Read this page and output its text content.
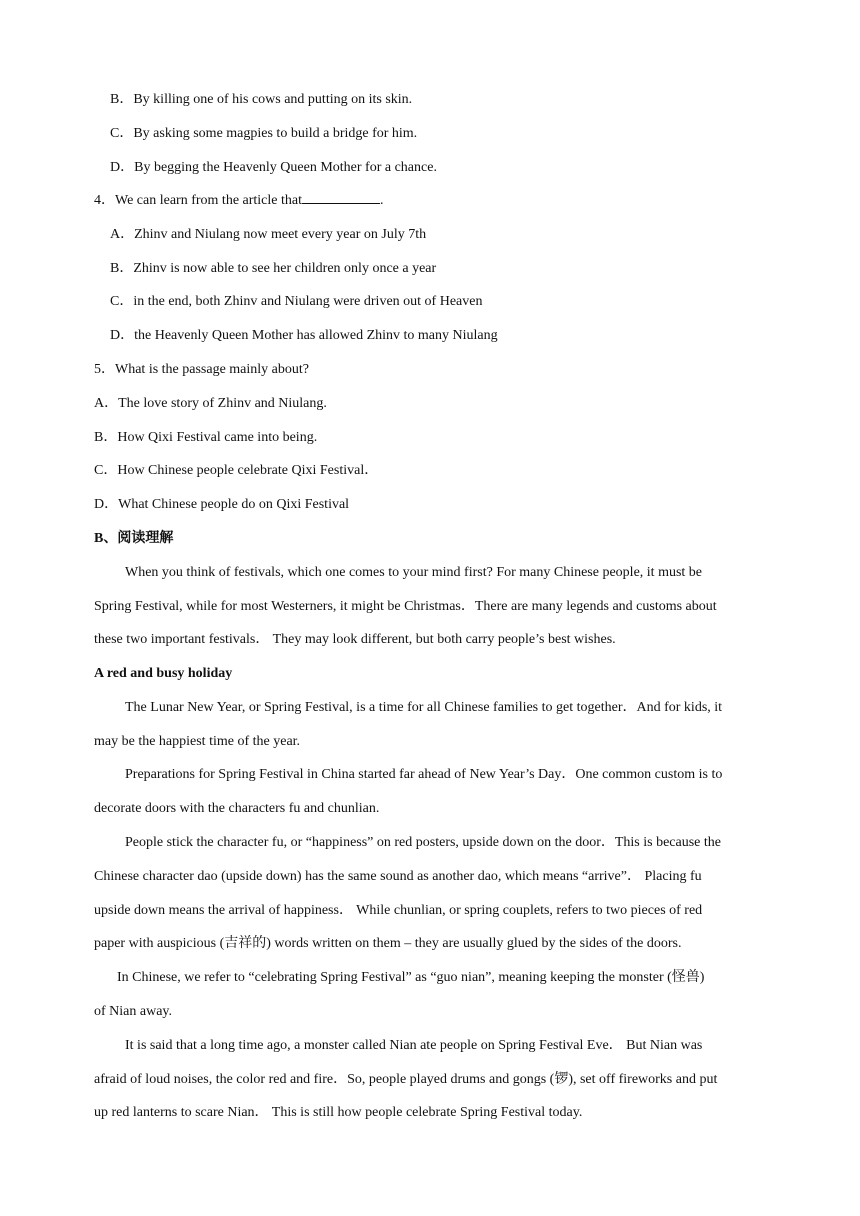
B．By killing one of his cows and putting on its skin.
C．By asking some magpies to build a bridge for him.
D．By begging the Heavenly Queen Mother for a chance.
4．We can learn from the article that	.
A．Zhinv and Niulang now meet every year on July 7th
B．Zhinv is now able to see her children only once a year
C．in the end, both Zhinv and Niulang were driven out of Heaven
D．the Heavenly Queen Mother has allowed Zhinv to many Niulang
5．What is the passage mainly about?
A．The love story of Zhinv and Niulang.
B．How Qixi Festival came into being.
C．How Chinese people celebrate Qixi Festival．
D．What Chinese people do on Qixi Festival
B、阅读理解
When you think of festivals, which one comes to your mind first? For many Chinese people, it must be
Spring Festival, while for most Westerners, it might be Christmas．There are many legends and customs about
these two important festivals． They may look different, but both carry people’s best wishes.
A red and busy holiday
The Lunar New Year, or Spring Festival, is a time for all Chinese families to get together．And for kids, it
may be the happiest time of the year.
Preparations for Spring Festival in China started far ahead of New Year’s Day．One common custom is to
decorate doors with the characters fu and chunlian.
People stick the character fu, or “happiness” on red posters, upside down on the door．This is because the
Chinese character dao (upside down) has the same sound as another dao, which means “arrive”． Placing fu
upside down means the arrival of happiness． While chunlian, or spring couplets, refers to two pieces of red
paper with auspicious (吉祥的) words written on them – they are usually glued by the sides of the doors.
In Chinese, we refer to “celebrating Spring Festival” as “guo nian”, meaning keeping the monster (怪兽)
of Nian away.
It is said that a long time ago, a monster called Nian ate people on Spring Festival Eve． But Nian was
afraid of loud noises, the color red and fire．So, people played drums and gongs (锣), set off fireworks and put
up red lanterns to scare Nian． This is still how people celebrate Spring Festival today.
